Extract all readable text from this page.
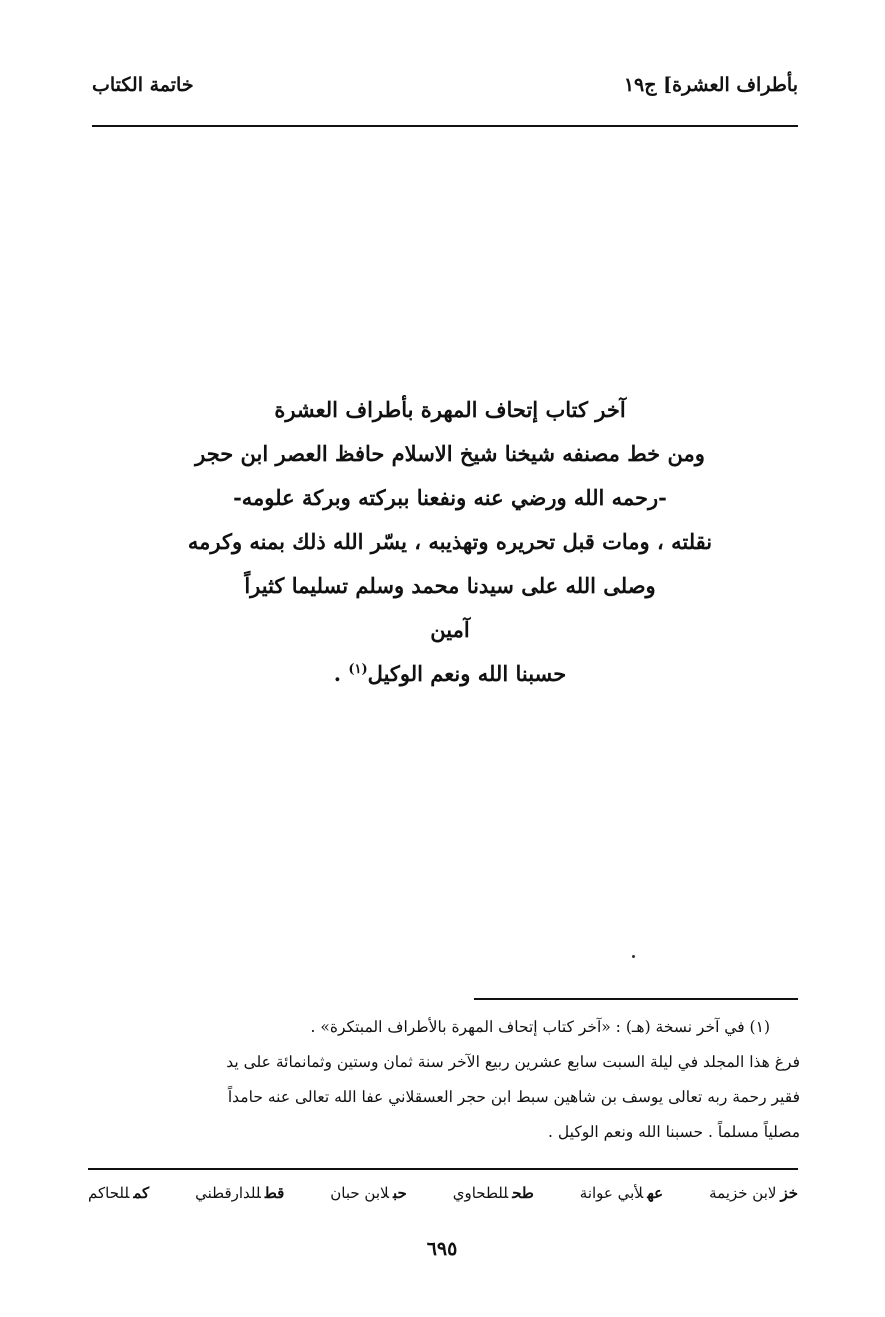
بأطراف العشرة] ج١٩
خاتمة الكتاب
آخر كتاب إتحاف المهرة بأطراف العشرة
ومن خط مصنفه شيخنا شيخ الاسلام حافظ العصر ابن حجر
-رحمه الله ورضي عنه ونفعنا ببركته وبركة علومه-
نقلته ، ومات قبل تحريره وتهذيبه ، يسّر الله ذلك بمنه وكرمه
وصلى الله على سيدنا محمد وسلم تسليما كثيراً
آمين
حسبنا الله ونعم الوكيل$^{(١)}$ .
(١) في آخر نسخة (هـ) : «آخر كتاب إتحاف المهرة بالأطراف المبتكرة» .
فرغ هذا المجلد في ليلة السبت سابع عشرين ربيع الآخر سنة ثمان وستين وثمانمائة على يد
فقير رحمة ربه تعالى يوسف بن شاهين سبط ابن حجر العسقلاني عفا الله تعالى عنه حامداً
مصلياً مسلماً . حسبنا الله ونعم الوكيل .
خزلابن خزيمة
عهلأبي عوانة
طحللطحاوي
حبلابن حبان
قطللدارقطني
كمللحاكم
٦٩٥
